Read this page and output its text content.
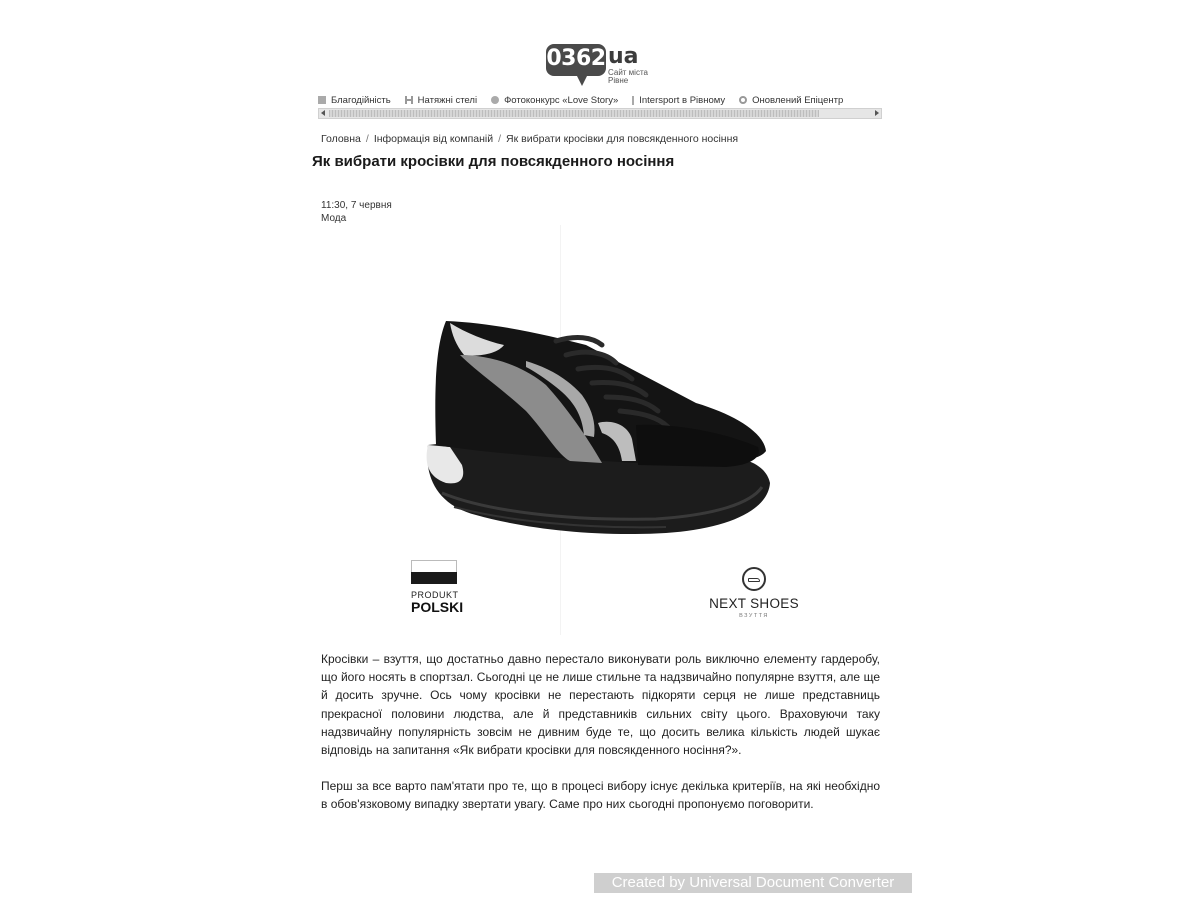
0362 ua
Сайт міста
Рівне
Благодійність	Натяжні стелі	Фотоконкурс «Love Story» Intersport в Рівному	Оновлений Епіцентр
Головна / Інформація від компаній / Як вибрати кросівки для повсякденного носіння
Як вибрати кросівки для повсякденного носіння
11:30, 7 червня
Мода
PRODUKT
POLSKI	NEXT SHOES
ВЗУТТЯ

Кросівки – взуття, що достатньо давно перестало виконувати роль виключно елементу гардеробу, що його носять в спортзал. Сьогодні це не лише стильне та надзвичайно популярне взуття, але ще й досить зручне. Ось чому кросівки не перестають підкоряти серця не лише представниць прекрасної половини людства, але й представників сильних світу цього. Враховуючи таку надзвичайну популярність зовсім не дивним буде те, що досить велика кількість людей шукає відповідь на запитання «Як вибрати кросівки для повсякденного носіння?».

Перш за все варто пам'ятати про те, що в процесі вибору існує декілька критеріїв, на які необхідно в обов'язковому випадку звертати увагу. Саме про них сьогодні пропонуємо поговорити.

Created by Universal Document Converter
